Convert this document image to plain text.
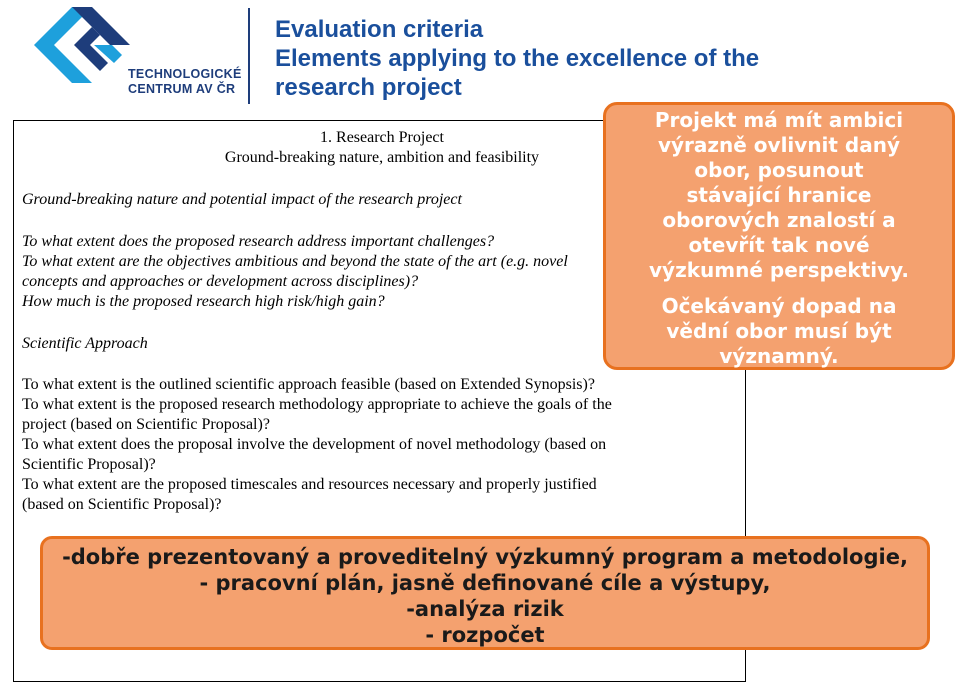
TECHNOLOGICKÉ
CENTRUM AV ČR
Evaluation criteria
Elements applying to the excellence of the
research project
1. Research Project
Ground-breaking nature, ambition and feasibility
Ground-breaking nature and potential impact of the research project
To what extent does the proposed research address important challenges?
To what extent are the objectives ambitious and beyond the state of the art (e.g. novel
concepts and approaches or development across disciplines)?
How much is the proposed research high risk/high gain?
Scientific Approach
To what extent is the outlined scientific approach feasible (based on Extended Synopsis)?
To what extent is the proposed research methodology appropriate to achieve the goals of the
project (based on Scientific Proposal)?
To what extent does the proposal involve the development of novel methodology (based on
Scientific Proposal)?
To what extent are the proposed timescales and resources necessary and properly justified
(based on Scientific Proposal)?
Projekt má mít ambici
výrazně ovlivnit daný
obor, posunout
stávající hranice
oborových znalostí a
otevřít tak nové
výzkumné perspektivy.
Očekávaný dopad na
vědní obor musí být
významný.
-dobře prezentovaný a proveditelný výzkumný program a metodologie,
- pracovní plán, jasně definované cíle a výstupy,
-analýza rizik
- rozpočet
